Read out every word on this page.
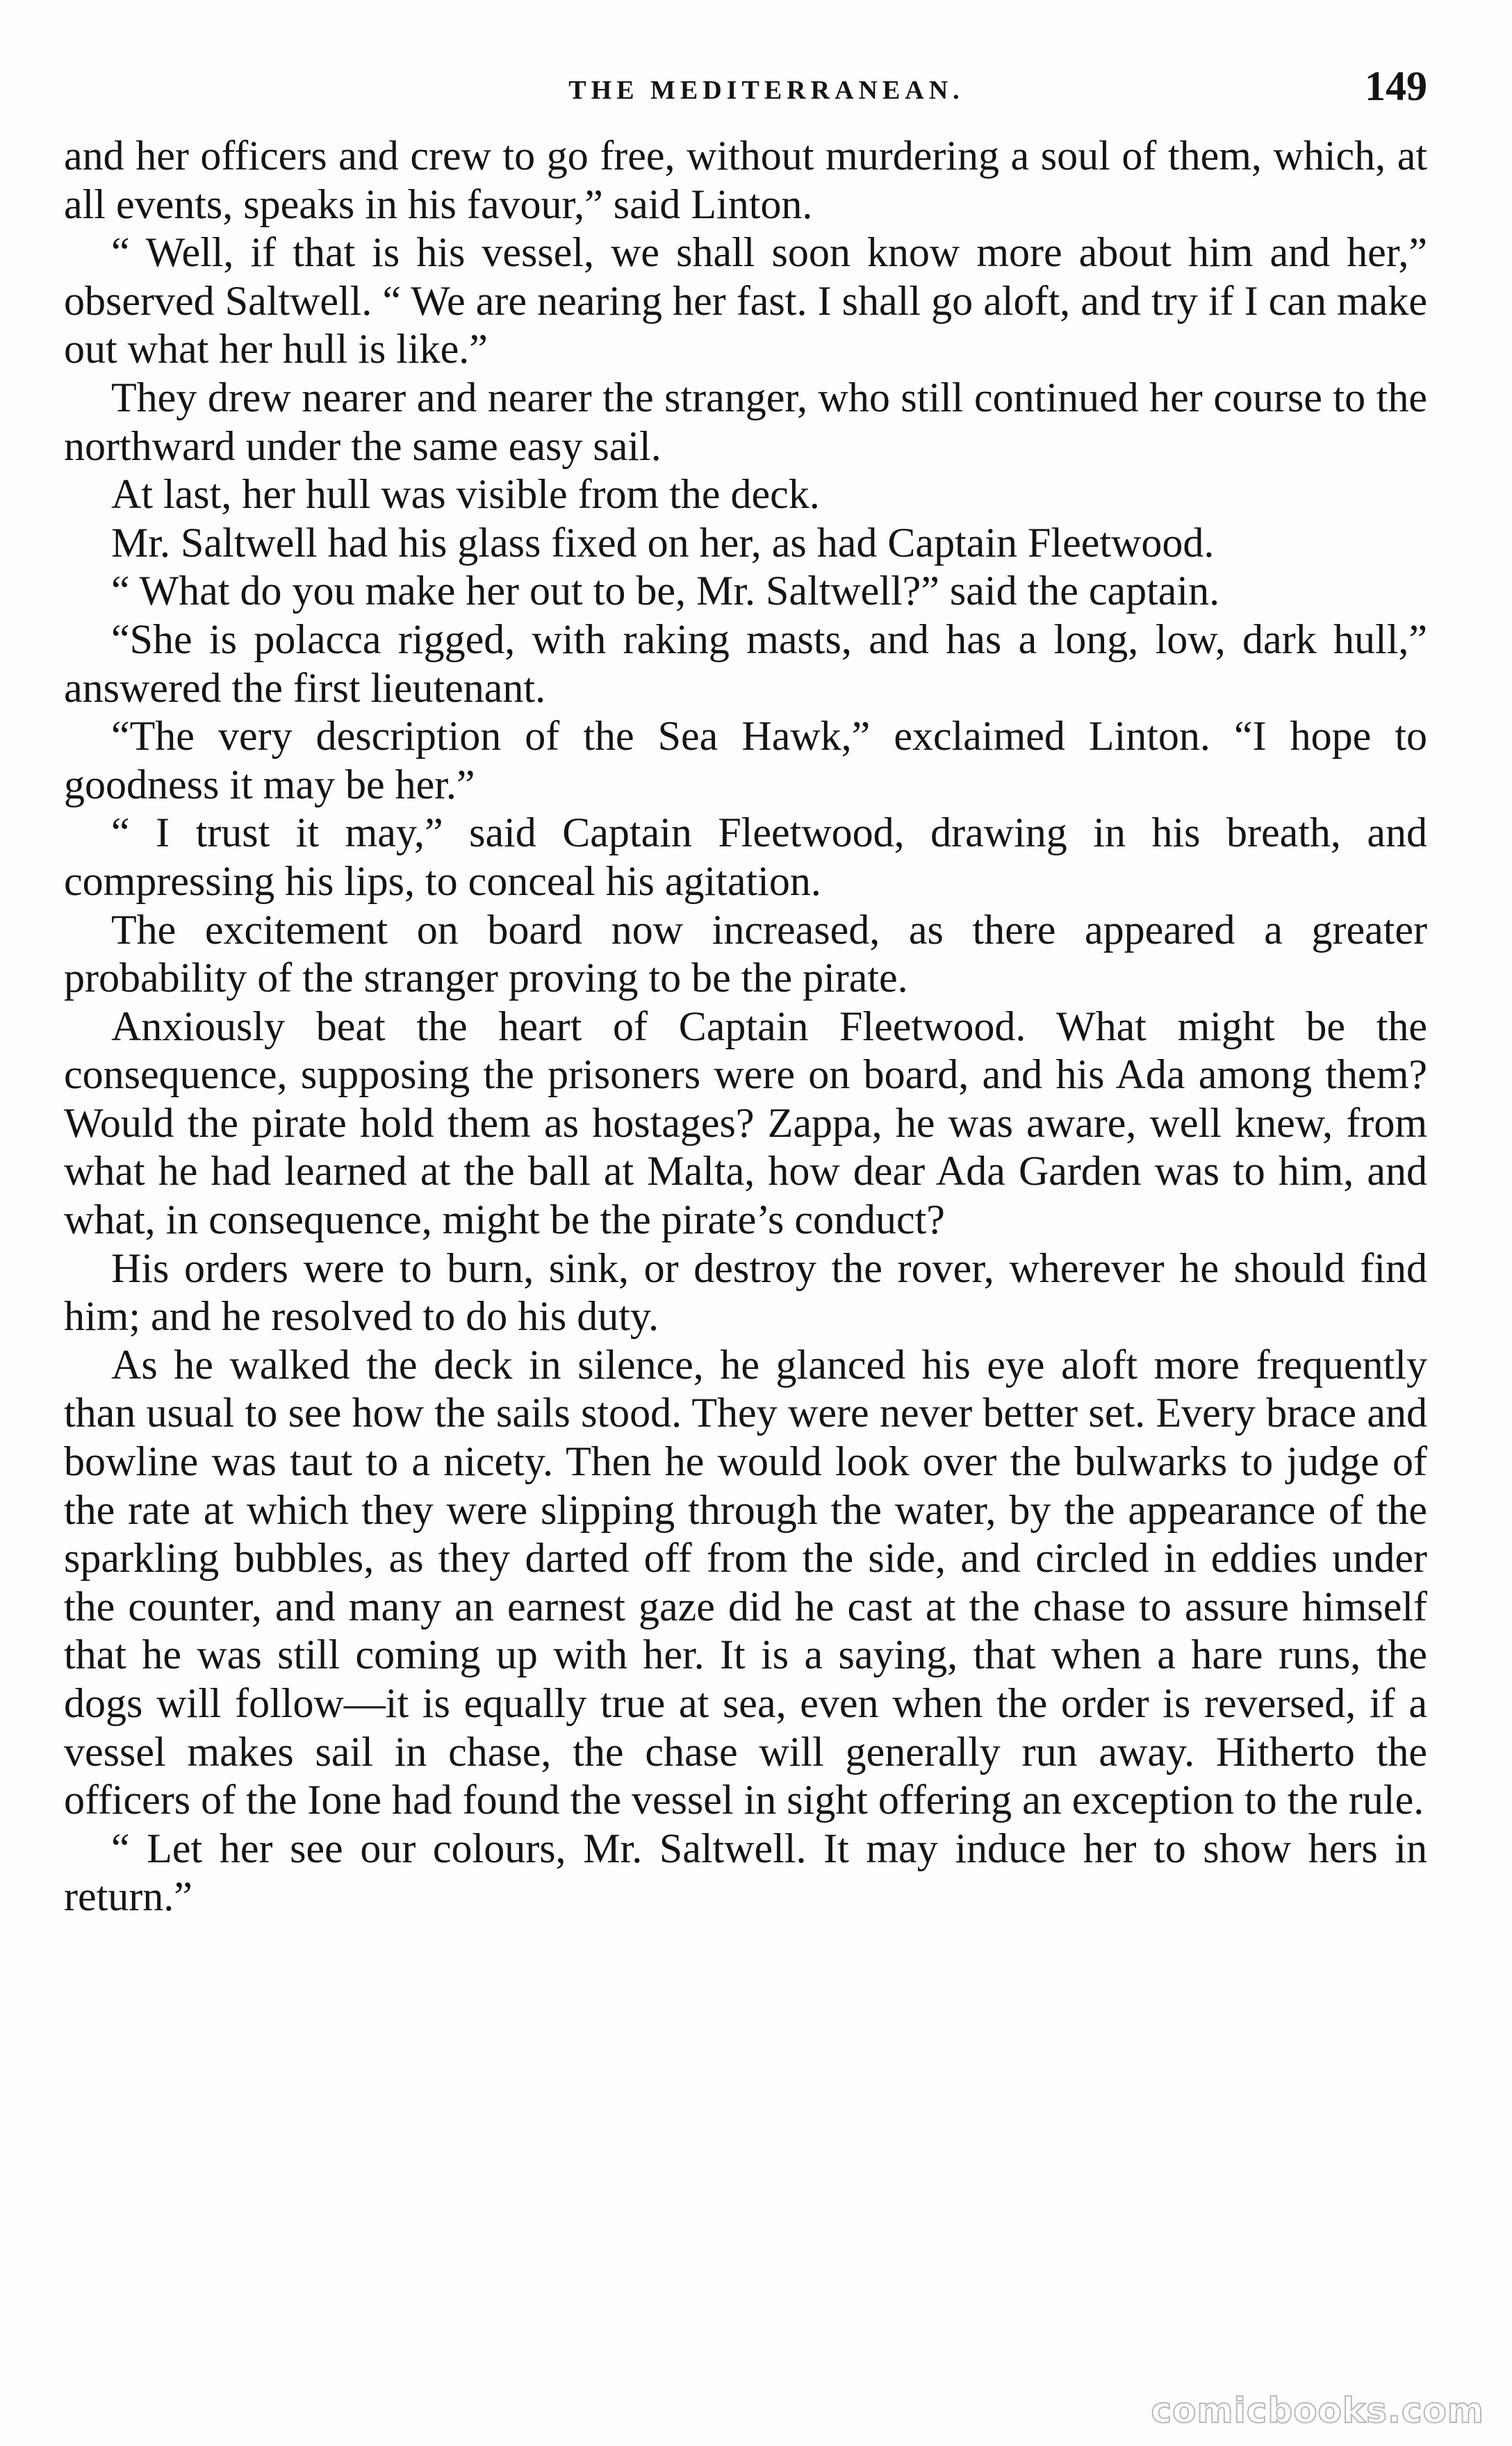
THE MEDITERRANEAN.	149

and her officers and crew to go free, without murdering a soul of them, which, at all events, speaks in his favour,” said Linton.

“ Well, if that is his vessel, we shall soon know more about him and her,” observed Saltwell. “ We are nearing her fast. I shall go aloft, and try if I can make out what her hull is like.”

They drew nearer and nearer the stranger, who still continued her course to the northward under the same easy sail.

At last, her hull was visible from the deck.

Mr. Saltwell had his glass fixed on her, as had Captain Fleetwood.

“ What do you make her out to be, Mr. Saltwell?” said the captain.

“She is polacca rigged, with raking masts, and has a long, low, dark hull,” answered the first lieutenant.

“The very description of the Sea Hawk,” exclaimed Linton. “I hope to goodness it may be her.”

“ I trust it may,” said Captain Fleetwood, drawing in his breath, and compressing his lips, to conceal his agitation.

The excitement on board now increased, as there appeared a greater probability of the stranger proving to be the pirate.

Anxiously beat the heart of Captain Fleetwood. What might be the consequence, supposing the prisoners were on board, and his Ada among them? Would the pirate hold them as hostages? Zappa, he was aware, well knew, from what he had learned at the ball at Malta, how dear Ada Garden was to him, and what, in consequence, might be the pirate’s conduct?

His orders were to burn, sink, or destroy the rover, wherever he should find him; and he resolved to do his duty.

As he walked the deck in silence, he glanced his eye aloft more frequently than usual to see how the sails stood. They were never better set. Every brace and bowline was taut to a nicety. Then he would look over the bulwarks to judge of the rate at which they were slipping through the water, by the appearance of the sparkling bubbles, as they darted off from the side, and circled in eddies under the counter, and many an earnest gaze did he cast at the chase to assure himself that he was still coming up with her. It is a saying, that when a hare runs, the dogs will follow—it is equally true at sea, even when the order is reversed, if a vessel makes sail in chase, the chase will generally run away. Hitherto the officers of the Ione had found the vessel in sight offering an exception to the rule.

“ Let her see our colours, Mr. Saltwell. It may induce her to show hers in return.”

comicbooks.com
